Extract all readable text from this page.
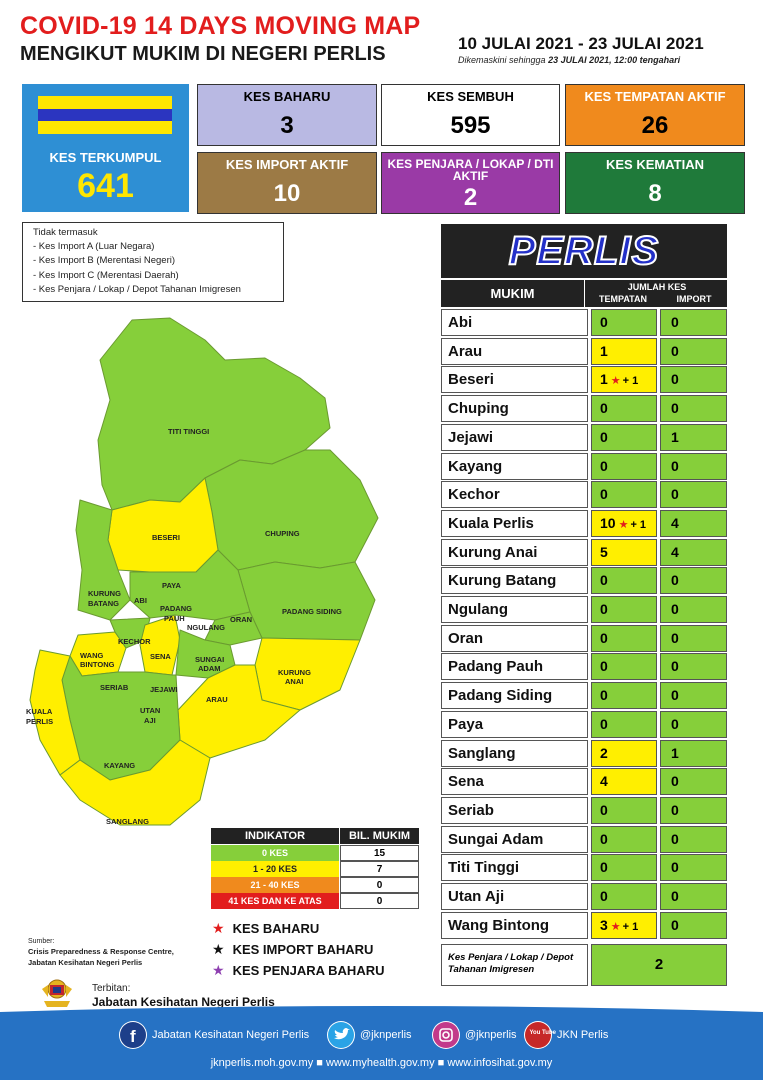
COVID-19 14 DAYS MOVING MAP
MENGIKUT MUKIM DI NEGERI PERLIS	10 JULAI 2021 - 23 JULAI 2021
Dikemaskini sehingga 23 JULAI 2021, 12:00 tengahari
KES TERKUMPUL
641
KES BAHARU
3
KES SEMBUH
595
KES TEMPATAN AKTIF
26
KES IMPORT AKTIF
10
KES PENJARA / LOKAP / DTI AKTIF
2
KES KEMATIAN
8
Tidak termasuk
- Kes Import A (Luar Negara)
- Kes Import B (Merentasi Negeri)
- Kes Import C (Merentasi Daerah)
- Kes Penjara / Lokap / Depot Tahanan Imigresen
TITI TINGGI
BESERI	CHUPING
PAYA
KURUNG
BATANG ABI
PADANG
PAUH
NGULANG
ORAN
PADANG SIDING
KECHOR
WANG
BINTONG
SENA	SUNGAI
ADAM	KURUNG
ANAI
SERIAB	JEJAWI
ARAU
KUALA
PERLIS
UTAN
AJI
KAYANG
SANGLANG
PERLIS
MUKIM	JUMLAH KES
TEMPATAN	IMPORT
Abi	0	0
Arau	1	0
Beseri	1 ★ + 1	0
Chuping	0	0
Jejawi	0	1
Kayang	0	0
Kechor	0	0
Kuala Perlis	10 ★ + 1	4
Kurung Anai	5	4
Kurung Batang	0	0
Ngulang	0	0
Oran	0	0
Padang Pauh	0	0
Padang Siding	0	0
Paya	0	0
Sanglang	2	1
Sena	4	0
Seriab	0	0
Sungai Adam	0	0
Titi Tinggi	0	0
Utan Aji	0	0
Wang Bintong	3 ★ + 1	0
Kes Penjara / Lokap / Depot Tahanan Imigresen	2
INDIKATOR	BIL. MUKIM
0 KES	15
1 - 20 KES	7
21 - 40 KES	0
41 KES DAN KE ATAS	0
★ KES BAHARU
★ KES IMPORT BAHARU
★ KES PENJARA BAHARU
Sumber:
Crisis Preparedness & Response Centre,
Jabatan Kesihatan Negeri Perlis
Terbitan:
Jabatan Kesihatan Negeri Perlis
f Jabatan Kesihatan Negeri Perlis	@jknperlis	@jknperlis You Tube JKN Perlis
jknperlis.moh.gov.my ■ www.myhealth.gov.my ■ www.infosihat.gov.my
